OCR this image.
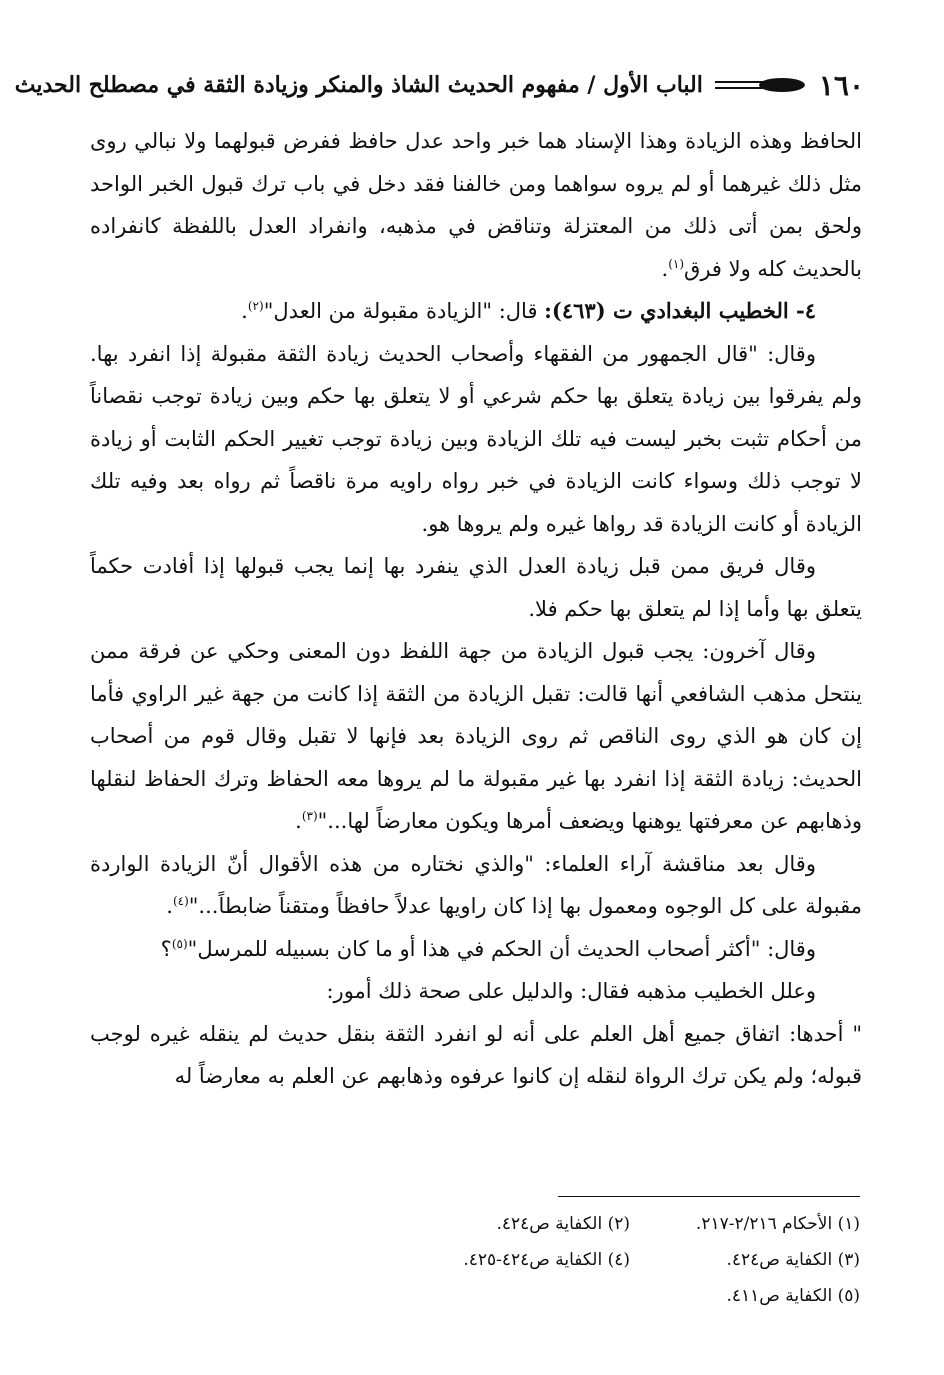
١٦٠
الباب الأول / مفهوم الحديث الشاذ والمنكر وزيادة الثقة في مصطلح الحديث

الحافظ وهذه الزيادة وهذا الإسناد هما خبر واحد عدل حافظ ففرض قبولهما ولا نبالي روى مثل ذلك غيرهما أو لم يروه سواهما ومن خالفنا فقد دخل في باب ترك قبول الخبر الواحد ولحق بمن أتى ذلك من المعتزلة وتناقض في مذهبه، وانفراد العدل باللفظة كانفراده بالحديث كله ولا فرق$^{(١)}$.

٤- الخطيب البغدادي ت (٤٦٣): قال: "الزيادة مقبولة من العدل"$^{(٢)}$.

وقال: "قال الجمهور من الفقهاء وأصحاب الحديث زيادة الثقة مقبولة إذا انفرد بها. ولم يفرقوا بين زيادة يتعلق بها حكم شرعي أو لا يتعلق بها حكم وبين زيادة توجب نقصاناً من أحكام تثبت بخبر ليست فيه تلك الزيادة وبين زيادة توجب تغيير الحكم الثابت أو زيادة لا توجب ذلك وسواء كانت الزيادة في خبر رواه راويه مرة ناقصاً ثم رواه بعد وفيه تلك الزيادة أو كانت الزيادة قد رواها غيره ولم يروها هو.

وقال فريق ممن قبل زيادة العدل الذي ينفرد بها إنما يجب قبولها إذا أفادت حكماً يتعلق بها وأما إذا لم يتعلق بها حكم فلا.

وقال آخرون: يجب قبول الزيادة من جهة اللفظ دون المعنى وحكي عن فرقة ممن ينتحل مذهب الشافعي أنها قالت: تقبل الزيادة من الثقة إذا كانت من جهة غير الراوي فأما إن كان هو الذي روى الناقص ثم روى الزيادة بعد فإنها لا تقبل وقال قوم من أصحاب الحديث: زيادة الثقة إذا انفرد بها غير مقبولة ما لم يروها معه الحفاظ وترك الحفاظ لنقلها وذهابهم عن معرفتها يوهنها ويضعف أمرها ويكون معارضاً لها..."$^{(٣)}$.

وقال بعد مناقشة آراء العلماء: "والذي نختاره من هذه الأقوال أنّ الزيادة الواردة مقبولة على كل الوجوه ومعمول بها إذا كان راويها عدلاً حافظاً ومتقناً ضابطاً..."$^{(٤)}$.

وقال: "أكثر أصحاب الحديث أن الحكم في هذا أو ما كان بسبيله للمرسل"$^{(٥)}$؟

وعلل الخطيب مذهبه فقال: والدليل على صحة ذلك أمور:

" أحدها: اتفاق جميع أهل العلم على أنه لو انفرد الثقة بنقل حديث لم ينقله غيره لوجب قبوله؛ ولم يكن ترك الرواة لنقله إن كانوا عرفوه وذهابهم عن العلم به معارضاً له

(١) الأحكام ٢/٢١٦-٢١٧.
(٢) الكفاية ص٤٢٤.
(٣) الكفاية ص٤٢٤.
(٤) الكفاية ص٤٢٤-٤٢٥.
(٥) الكفاية ص٤١١.
